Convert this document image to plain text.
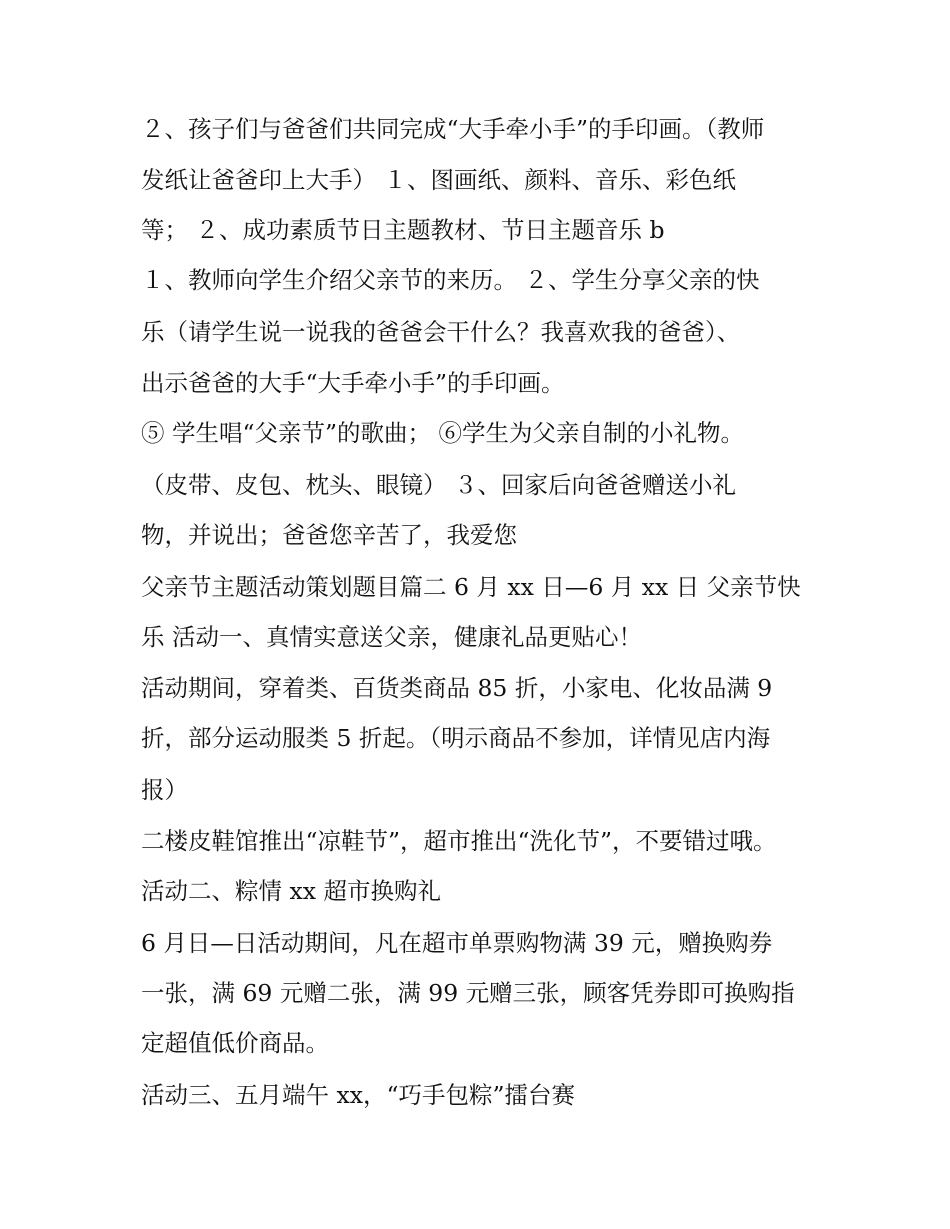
２、孩子们与爸爸们共同完成“大手牵小手”的手印画。（教师
发纸让爸爸印上大手） １、图画纸、颜料、音乐、彩色纸
等； ２、成功素质节日主题教材、节日主题音乐 b
１、教师向学生介绍父亲节的来历。 ２、学生分享父亲的快
乐（请学生说一说我的爸爸会干什么？我喜欢我的爸爸）、
出示爸爸的大手“大手牵小手”的手印画。
⑤ 学生唱“父亲节”的歌曲； ⑥学生为父亲自制的小礼物。
（皮带、皮包、枕头、眼镜） ３、回家后向爸爸赠送小礼
物，并说出；爸爸您辛苦了，我爱您
父亲节主题活动策划题目篇二 6 月 xx 日—6 月 xx 日 父亲节快
乐 活动一、真情实意送父亲，健康礼品更贴心！
活动期间，穿着类、百货类商品 85 折，小家电、化妆品满 9
折，部分运动服类 5 折起。（明示商品不参加，详情见店内海
报）
二楼皮鞋馆推出“凉鞋节”，超市推出“洗化节”，不要错过哦。
活动二、粽情 xx 超市换购礼
6 月日—日活动期间，凡在超市单票购物满 39 元，赠换购券
一张，满 69 元赠二张，满 99 元赠三张，顾客凭券即可换购指
定超值低价商品。
活动三、五月端午 xx，“巧手包粽”擂台赛
